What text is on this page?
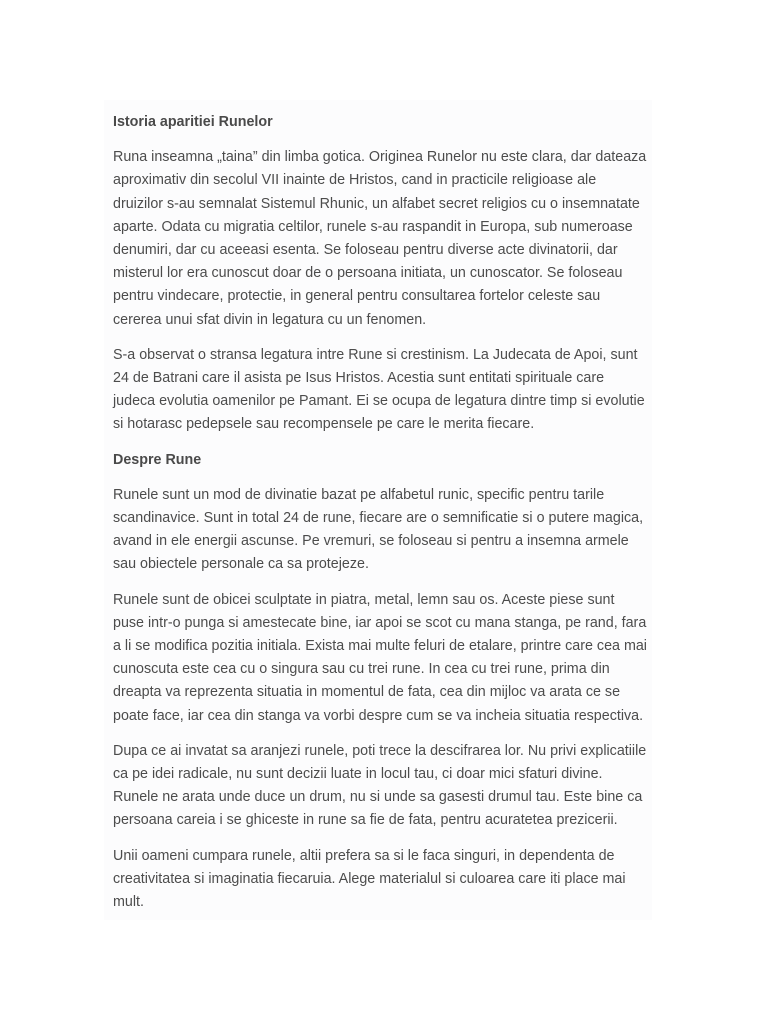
Istoria aparitiei Runelor

Runa inseamna „taina” din limba gotica. Originea Runelor nu este clara, dar dateaza aproximativ din secolul VII inainte de Hristos, cand in practicile religioase ale druizilor s-au semnalat Sistemul Rhunic, un alfabet secret religios cu o insemnatate aparte. Odata cu migratia celtilor, runele s-au raspandit in Europa, sub numeroase denumiri, dar cu aceeasi esenta. Se foloseau pentru diverse acte divinatorii, dar misterul lor era cunoscut doar de o persoana initiata, un cunoscator. Se foloseau pentru vindecare, protectie, in general pentru consultarea fortelor celeste sau cererea unui sfat divin in legatura cu un fenomen.

S-a observat o stransa legatura intre Rune si crestinism. La Judecata de Apoi, sunt 24 de Batrani care il asista pe Isus Hristos. Acestia sunt entitati spirituale care judeca evolutia oamenilor pe Pamant. Ei se ocupa de legatura dintre timp si evolutie si hotarasc pedepsele sau recompensele pe care le merita fiecare.

Despre Rune

Runele sunt un mod de divinatie bazat pe alfabetul runic, specific pentru tarile scandinavice. Sunt in total 24 de rune, fiecare are o semnificatie si o putere magica, avand in ele energii ascunse. Pe vremuri, se foloseau si pentru a insemna armele sau obiectele personale ca sa protejeze.

Runele sunt de obicei sculptate in piatra, metal, lemn sau os. Aceste piese sunt puse intr-o punga si amestecate bine, iar apoi se scot cu mana stanga, pe rand, fara a li se modifica pozitia initiala. Exista mai multe feluri de etalare, printre care cea mai cunoscuta este cea cu o singura sau cu trei rune. In cea cu trei rune, prima din dreapta va reprezenta situatia in momentul de fata, cea din mijloc va arata ce se poate face, iar cea din stanga va vorbi despre cum se va incheia situatia respectiva.

Dupa ce ai invatat sa aranjezi runele, poti trece la descifrarea lor. Nu privi explicatiile ca pe idei radicale, nu sunt decizii luate in locul tau, ci doar mici sfaturi divine. Runele ne arata unde duce un drum, nu si unde sa gasesti drumul tau. Este bine ca persoana careia i se ghiceste in rune sa fie de fata, pentru acuratetea prezicerii.

Unii oameni cumpara runele, altii prefera sa si le faca singuri, in dependenta de creativitatea si imaginatia fiecaruia. Alege materialul si culoarea care iti place mai mult.
